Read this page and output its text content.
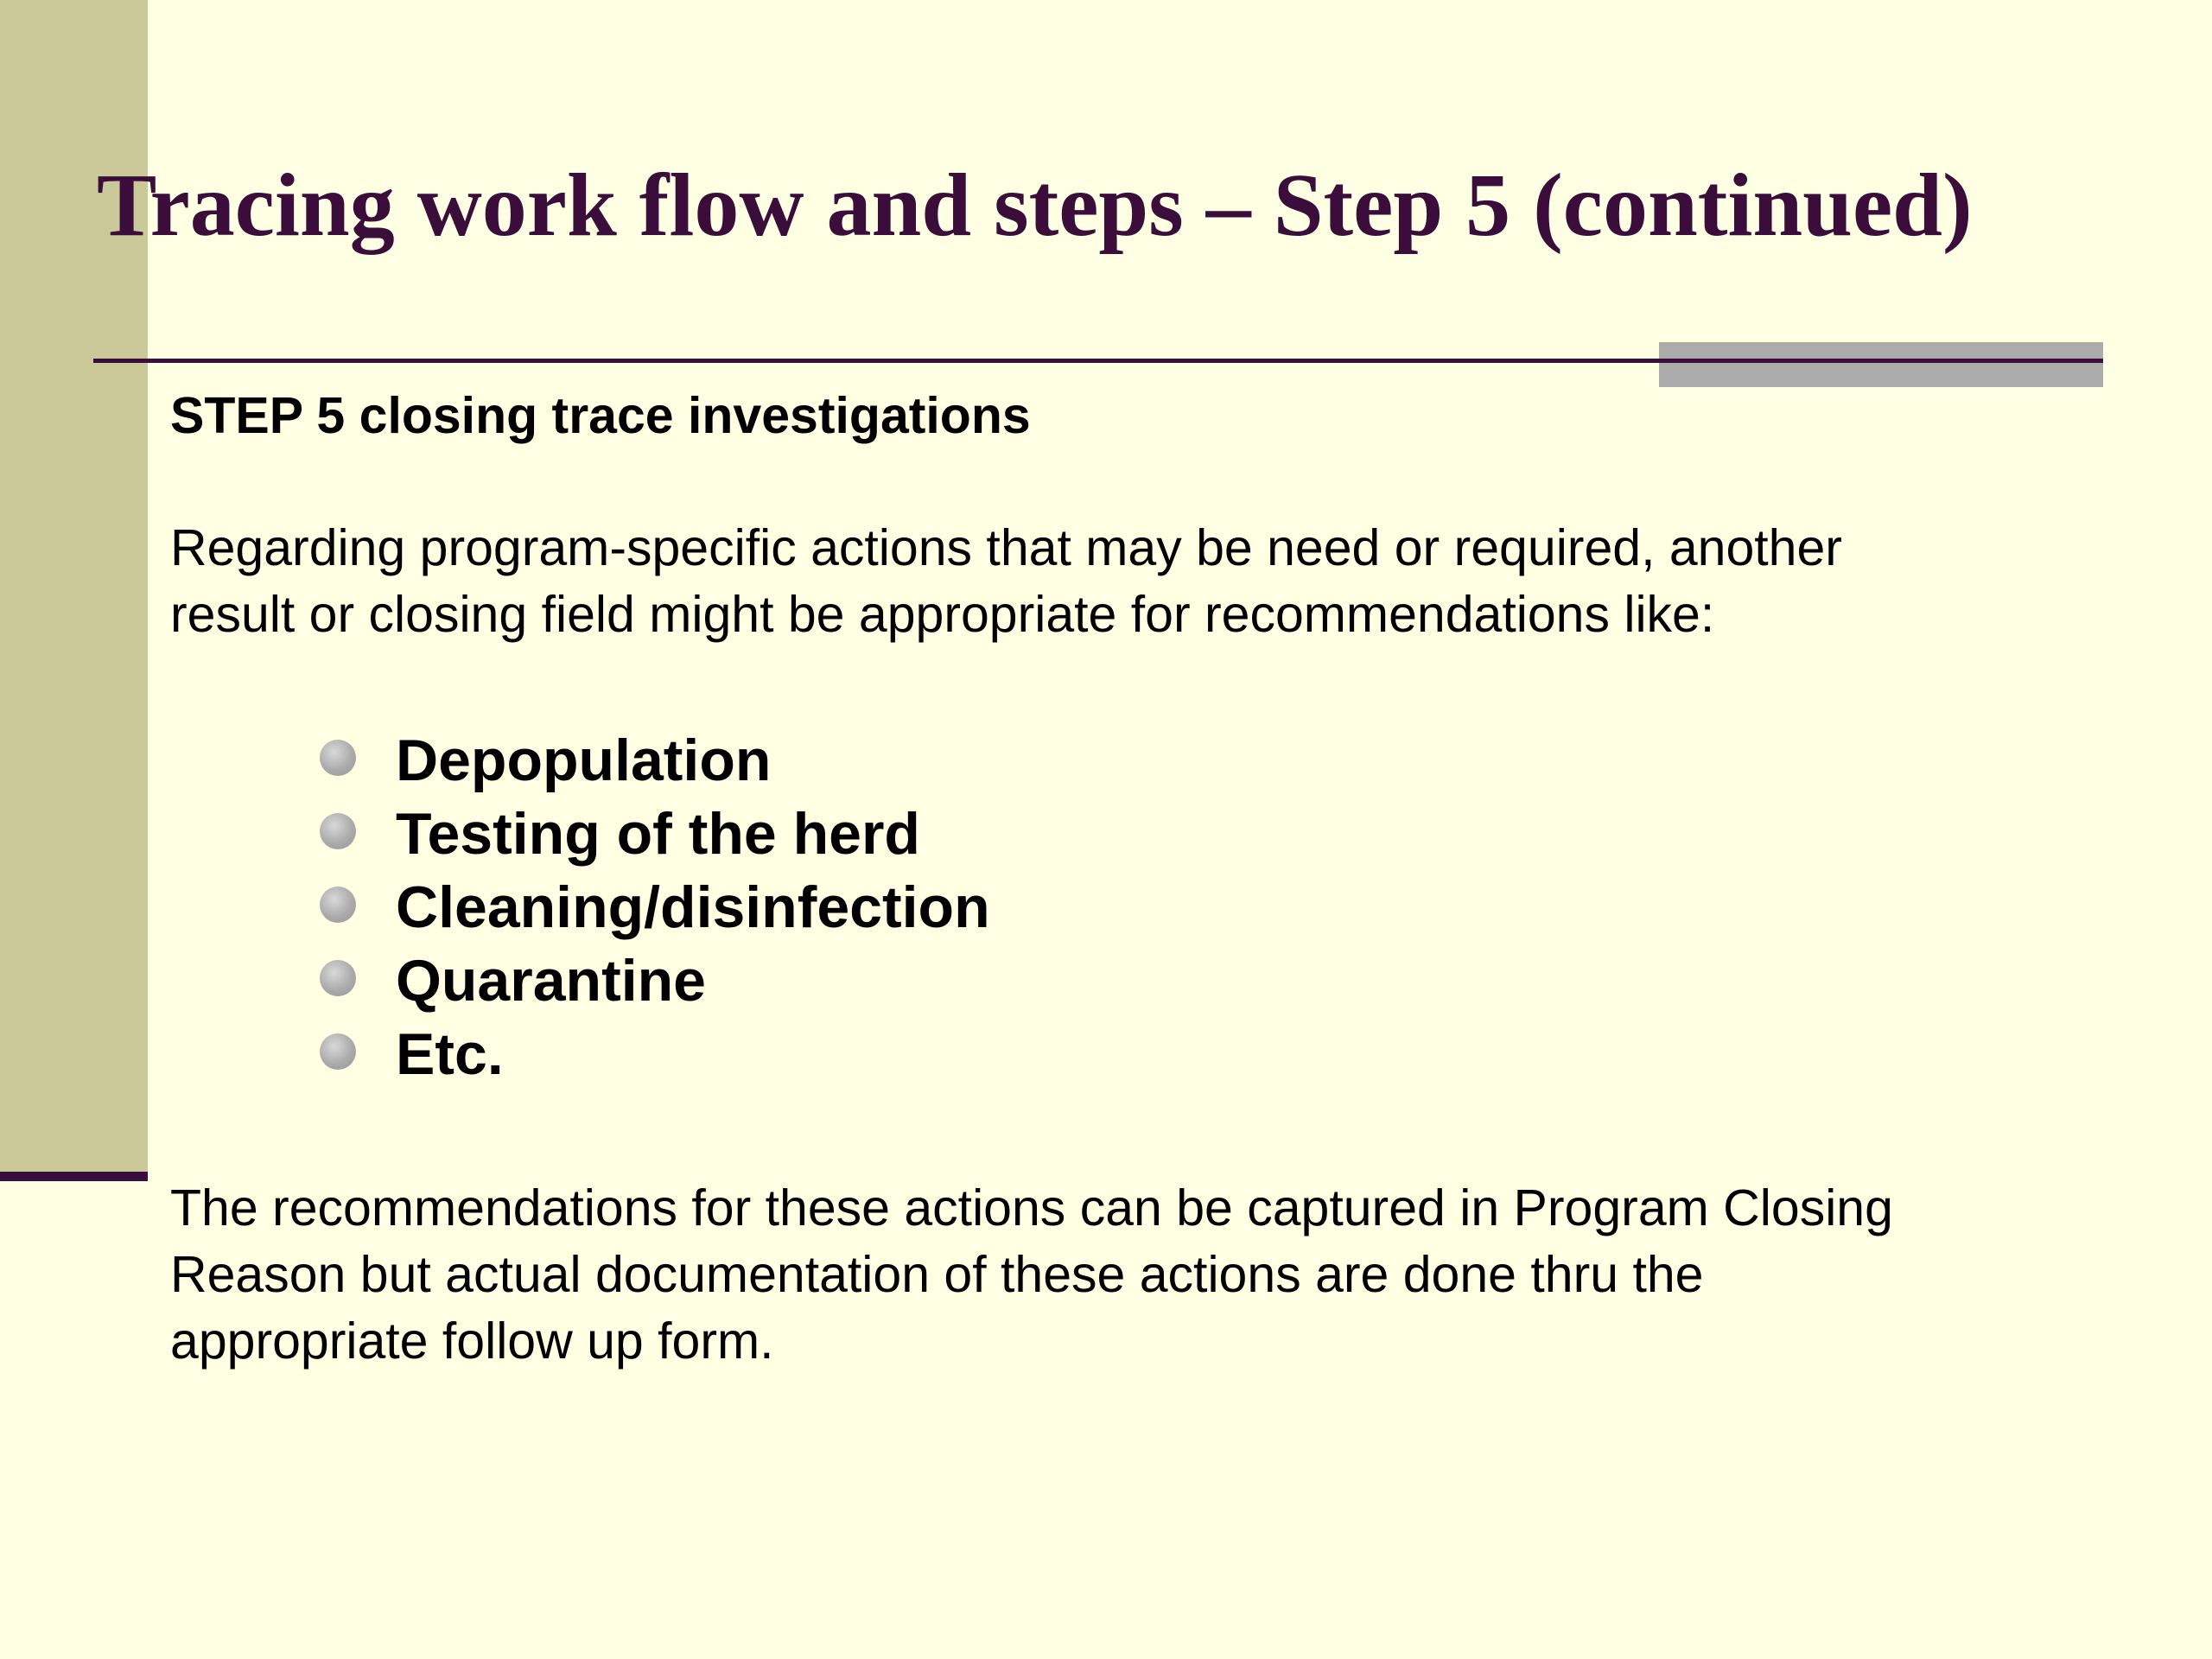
Tracing work flow and steps – Step 5 (continued)

STEP 5 closing trace investigations

Regarding program-specific actions that may be need or required, another
result or closing field might be appropriate for recommendations like:

Depopulation
Testing of the herd
Cleaning/disinfection
Quarantine
Etc.

The recommendations for these actions can be captured in Program Closing
Reason but actual documentation of these actions are done thru the
appropriate follow up form.
